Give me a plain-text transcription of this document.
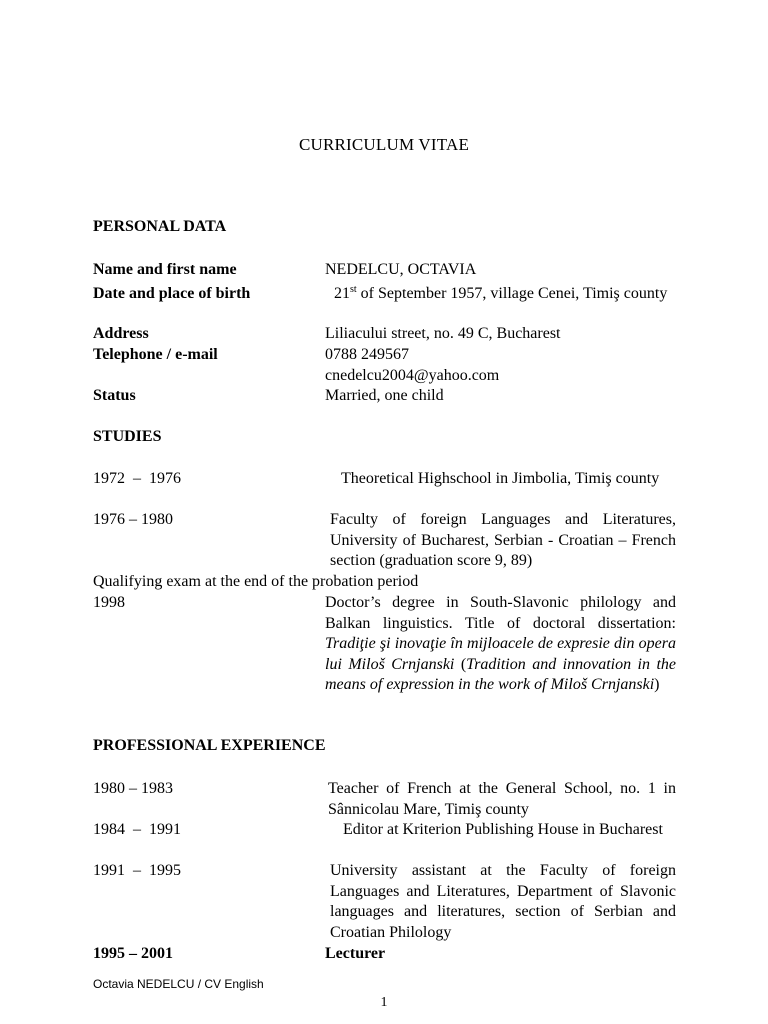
CURRICULUM VITAE
PERSONAL DATA
Name and first name	NEDELCU, OCTAVIA
Date and place of birth	21st of September 1957, village Cenei, Timiş county
Address	Liliacului street, no. 49 C, Bucharest
Telephone / e-mail	0788 249567

cnedelcu2004@yahoo.com

Status	Married, one child
STUDIES
1972  –  1976	Theoretical Highschool in Jimbolia, Timiş county
1976 – 1980	Faculty of foreign Languages and Literatures, University of Bucharest, Serbian - Croatian – French section (graduation score 9, 89)
Qualifying exam at the end of the probation period
1998	Doctor’s degree in South-Slavonic philology and Balkan linguistics. Title of doctoral dissertation: Tradiţie şi inovaţie în mijloacele de expresie din opera lui Miloš Crnjanski (Tradition and innovation in the means of expression in the work of Miloš Crnjanski)
PROFESSIONAL EXPERIENCE
1980 – 1983	Teacher of French at the General School, no. 1 in Sânnicolau Mare, Timiş county
1984  –  1991	Editor at Kriterion Publishing House in Bucharest
1991  –  1995	University assistant at the Faculty of foreign Languages and Literatures, Department of Slavonic languages and literatures, section of Serbian and Croatian Philology
1995 – 2001	Lecturer
Octavia NEDELCU / CV English
1
